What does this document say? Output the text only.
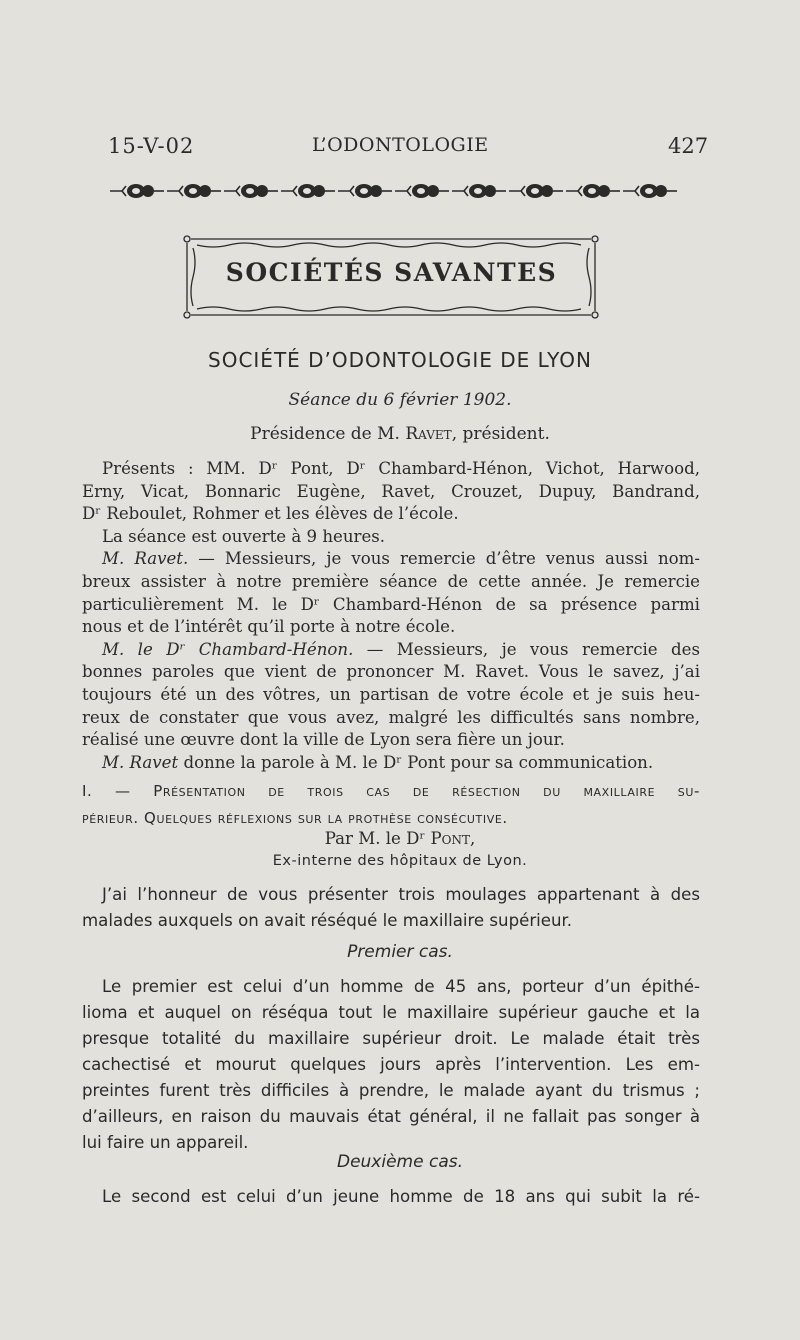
15-V-02	L’ODONTOLOGIE	427
SOCIÉTÉS SAVANTES
SOCIÉTÉ D’ODONTOLOGIE DE LYON
Séance du 6 février 1902.
Présidence de M. Ravet, président.

Présents : MM. Dʳ Pont, Dʳ Chambard-Hénon, Vichot, Harwood,

Erny, Vicat, Bonnaric Eugène, Ravet, Crouzet, Dupuy, Bandrand,

Dʳ Reboulet, Rohmer et les élèves de l’école.

La séance est ouverte à 9 heures.

M. Ravet. — Messieurs, je vous remercie d’être venus aussi nom-

breux assister à notre première séance de cette année. Je remercie

particulièrement M. le Dʳ Chambard-Hénon de sa présence parmi

nous et de l’intérêt qu’il porte à notre école.

M. le Dʳ Chambard-Hénon. — Messieurs, je vous remercie des

bonnes paroles que vient de prononcer M. Ravet. Vous le savez, j’ai

toujours été un des vôtres, un partisan de votre école et je suis heu-

reux de constater que vous avez, malgré les difficultés sans nombre,

réalisé une œuvre dont la ville de Lyon sera fière un jour.

M. Ravet donne la parole à M. le Dʳ Pont pour sa communication.

I. — Présentation de trois cas de résection du maxillaire su-

périeur. Quelques réflexions sur la prothèse consécutive.

Par M. le Dʳ Pont,
Ex-interne des hôpitaux de Lyon.

J’ai l’honneur de vous présenter trois moulages appartenant à des

malades auxquels on avait réséqué le maxillaire supérieur.

Premier cas.

Le premier est celui d’un homme de 45 ans, porteur d’un épithé-

lioma et auquel on réséqua tout le maxillaire supérieur gauche et la

presque totalité du maxillaire supérieur droit. Le malade était très

cachectisé et mourut quelques jours après l’intervention. Les em-

preintes furent très difficiles à prendre, le malade ayant du trismus ;

d’ailleurs, en raison du mauvais état général, il ne fallait pas songer à

lui faire un appareil.

Deuxième cas.

Le second est celui d’un jeune homme de 18 ans qui subit la ré-
